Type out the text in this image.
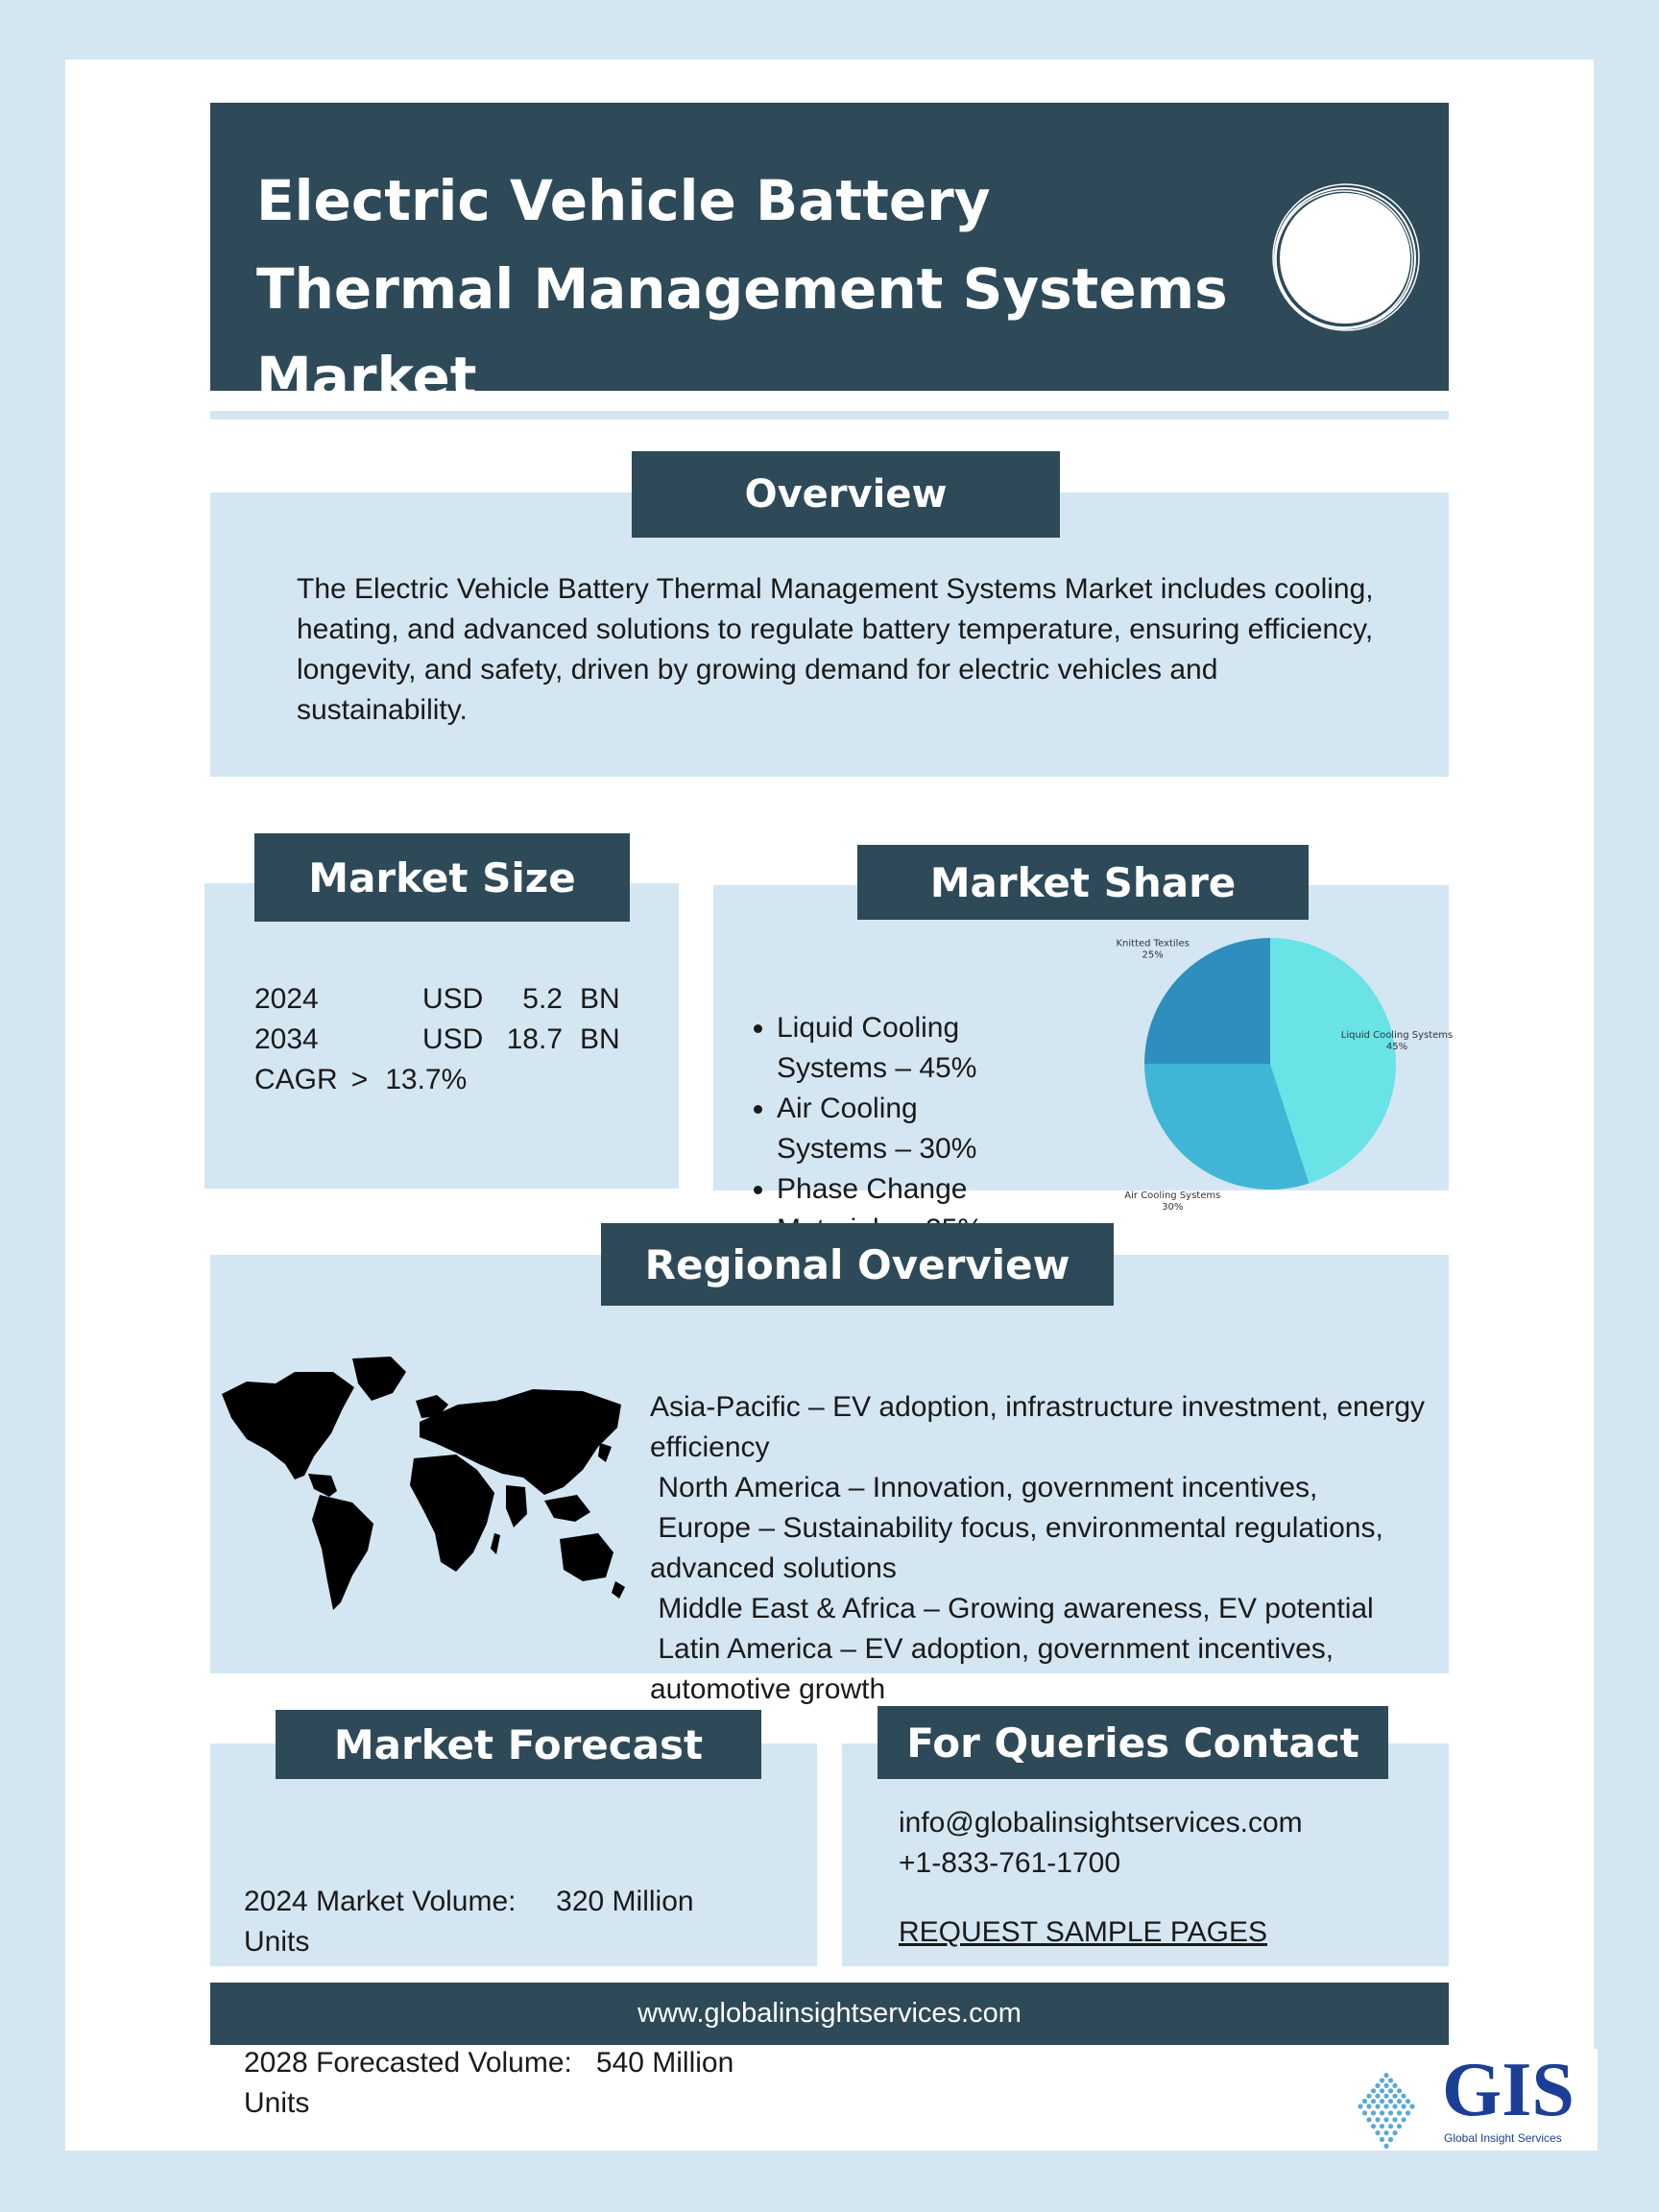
Electric Vehicle Battery Thermal Management Systems Market
The Electric Vehicle Battery Thermal Management Systems Market includes cooling, heating, and advanced solutions to regulate battery temperature, ensuring efficiency, longevity, and safety, driven by growing demand for electric vehicles and sustainability.
Overview
2024	USD	5.2 BN
2034	USD 18.7 BN
CAGR > 13.7%
Market Size
• Liquid Cooling Systems – 45%
• Air Cooling Systems – 30%
• Phase Change
Liquid Cooling Systems
45%
Air Cooling Systems
30%
Knitted Textiles
25%
Market Share
Asia-Pacific – EV adoption, infrastructure investment, energy efficiency
North America – Innovation, government incentives,
Europe – Sustainability focus, environmental regulations, advanced solutions
Middle East & Africa – Growing awareness, EV potential
Latin America – EV adoption, government incentives, automotive growth
Regional Overview

2024 Market Volume:     320 Million Units

2028 Forecasted Volume:   540 Million Units

Market Forecast
info@globalinsightservices.com
+1-833-761-1700
REQUEST SAMPLE PAGES
For Queries Contact
www.globalinsightservices.com
GIS
Global Insight Services
